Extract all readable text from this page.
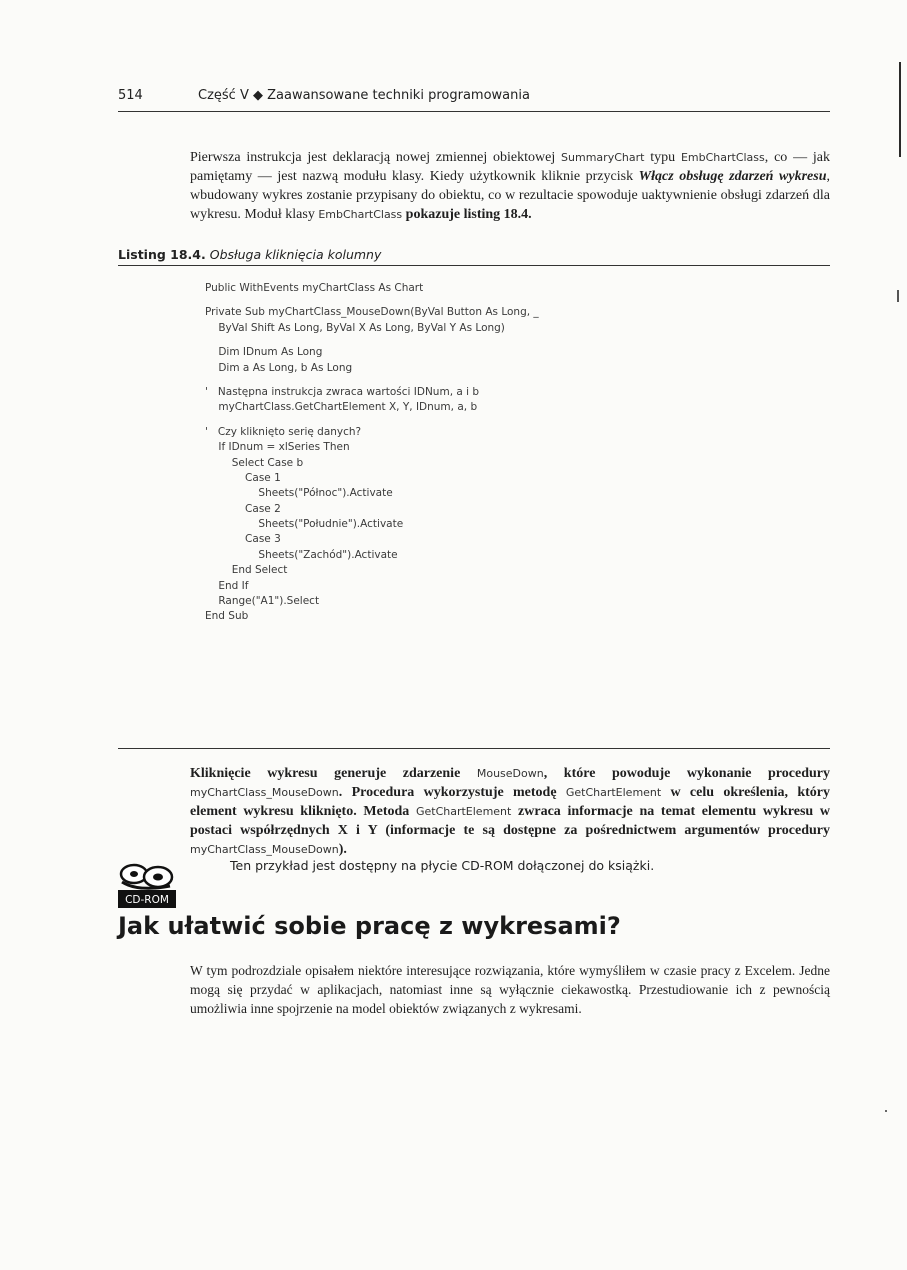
514	Część V ◆ Zaawansowane techniki programowania

Pierwsza instrukcja jest deklaracją nowej zmiennej obiektowej SummaryChart typu EmbChartClass, co — jak pamiętamy — jest nazwą modułu klasy. Kiedy użytkownik kliknie przycisk Włącz obsługę zdarzeń wykresu, wbudowany wykres zostanie przypisany do obiektu, co w rezultacie spowoduje uaktywnienie obsługi zdarzeń dla wykresu. Moduł klasy EmbChartClass pokazuje listing 18.4.

Listing 18.4. Obsługa kliknięcia kolumny
Public WithEvents myChartClass As Chart
Private Sub myChartClass_MouseDown(ByVal Button As Long, _
ByVal Shift As Long, ByVal X As Long, ByVal Y As Long)
Dim IDnum As Long
Dim a As Long, b As Long
'   Następna instrukcja zwraca wartości IDNum, a i b
myChartClass.GetChartElement X, Y, IDnum, a, b
'   Czy kliknięto serię danych?
If IDnum = xlSeries Then
Select Case b
Case 1
Sheets("Północ").Activate
Case 2
Sheets("Południe").Activate
Case 3
Sheets("Zachód").Activate
End Select
End If
Range("A1").Select
End Sub

Kliknięcie wykresu generuje zdarzenie MouseDown, które powoduje wykonanie procedury myChartClass_MouseDown. Procedura wykorzystuje metodę GetChartElement w celu określenia, który element wykresu kliknięto. Metoda GetChartElement zwraca informacje na temat elementu wykresu w postaci współrzędnych X i Y (informacje te są dostępne za pośrednictwem argumentów procedury myChartClass_MouseDown).

CD-ROM
Ten przykład jest dostępny na płycie CD-ROM dołączonej do książki.
Jak ułatwić sobie pracę z wykresami?

W tym podrozdziale opisałem niektóre interesujące rozwiązania, które wymyśliłem w czasie pracy z Excelem. Jedne mogą się przydać w aplikacjach, natomiast inne są wyłącznie ciekawostką. Przestudiowanie ich z pewnością umożliwia inne spojrzenie na model obiektów związanych z wykresami.
